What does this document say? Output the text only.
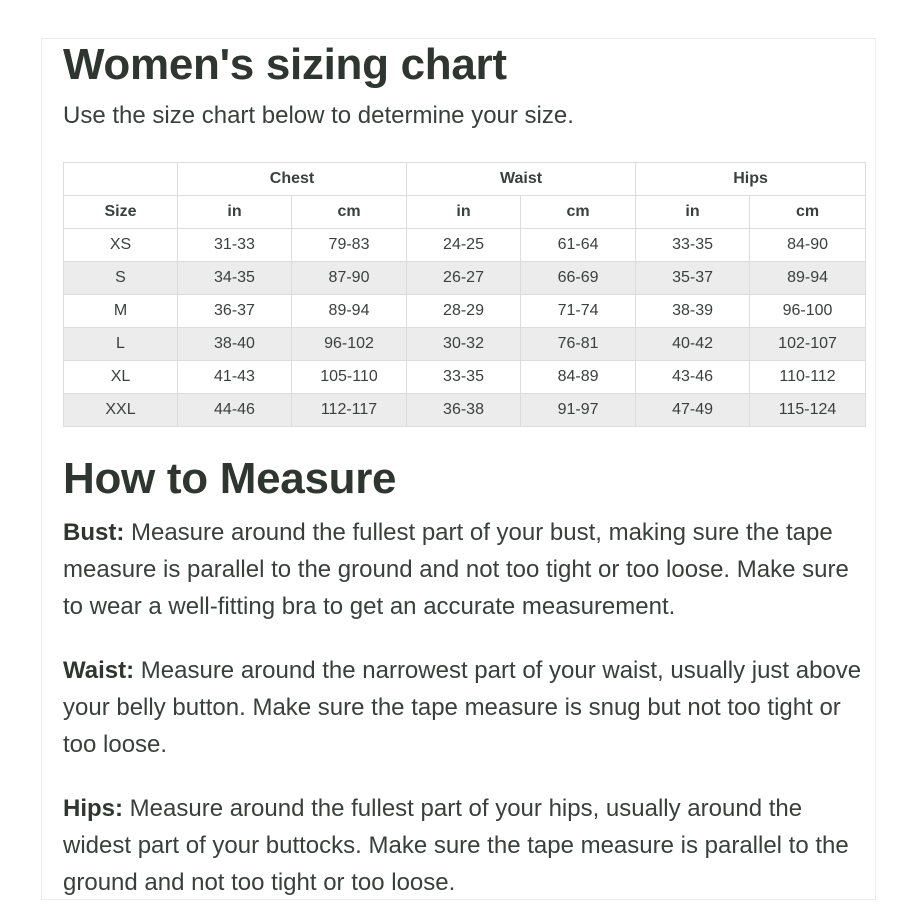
Women's sizing chart
Use the size chart below to determine your size.
	Chest		Waist		Hips	
Size	in	cm	in	cm	in	cm
XS	31-33	79-83	24-25	61-64	33-35	84-90
S	34-35	87-90	26-27	66-69	35-37	89-94
M	36-37	89-94	28-29	71-74	38-39	96-100
L	38-40	96-102	30-32	76-81	40-42	102-107
XL	41-43	105-110	33-35	84-89	43-46	110-112
XXL	44-46	112-117	36-38	91-97	47-49	115-124
How to Measure

Bust: Measure around the fullest part of your bust, making sure the tape measure is parallel to the ground and not too tight or too loose. Make sure to wear a well-fitting bra to get an accurate measurement.

Waist: Measure around the narrowest part of your waist, usually just above your belly button. Make sure the tape measure is snug but not too tight or too loose.

Hips: Measure around the fullest part of your hips, usually around the widest part of your buttocks. Make sure the tape measure is parallel to the ground and not too tight or too loose.
